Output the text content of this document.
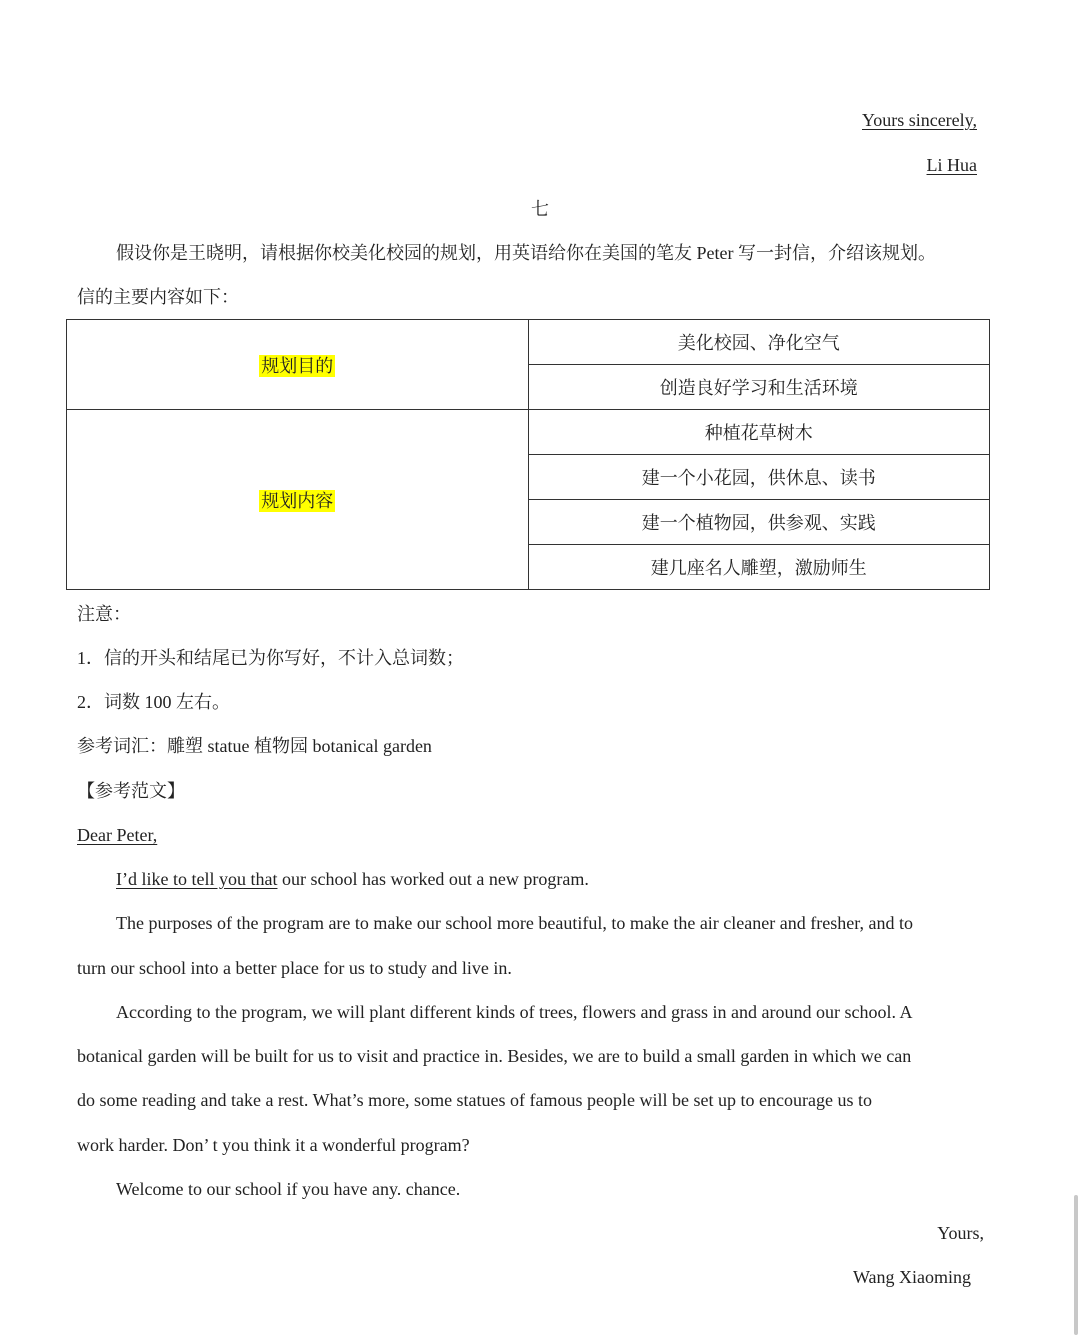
Yours sincerely,
Li Hua
七
假设你是王晓明，请根据你校美化校园的规划，用英语给你在美国的笔友 Peter 写一封信，介绍该规划。
信的主要内容如下：
规划目的	美化校园、净化空气
	创造良好学习和生活环境
规划内容	种植花草树木
	建一个小花园，供休息、读书
	建一个植物园，供参观、实践
	建几座名人雕塑，激励师生
注意：
1．信的开头和结尾已为你写好，不计入总词数；
2．词数 100 左右。
参考词汇：雕塑 statue 植物园 botanical garden
【参考范文】
Dear Peter,
I’d like to tell you that our school has worked out a new program.
The purposes of the program are to make our school more beautiful, to make the air cleaner and fresher, and to
turn our school into a better place for us to study and live in.
According to the program, we will plant different kinds of trees, flowers and grass in and around our school. A
botanical garden will be built for us to visit and practice in. Besides, we are to build a small garden in which we can
do some reading and take a rest. What’s more, some statues of famous people will be set up to encourage us to
work harder. Don’ t you think it a wonderful program?
Welcome to our school if you have any. chance.
Yours,
Wang Xiaoming
